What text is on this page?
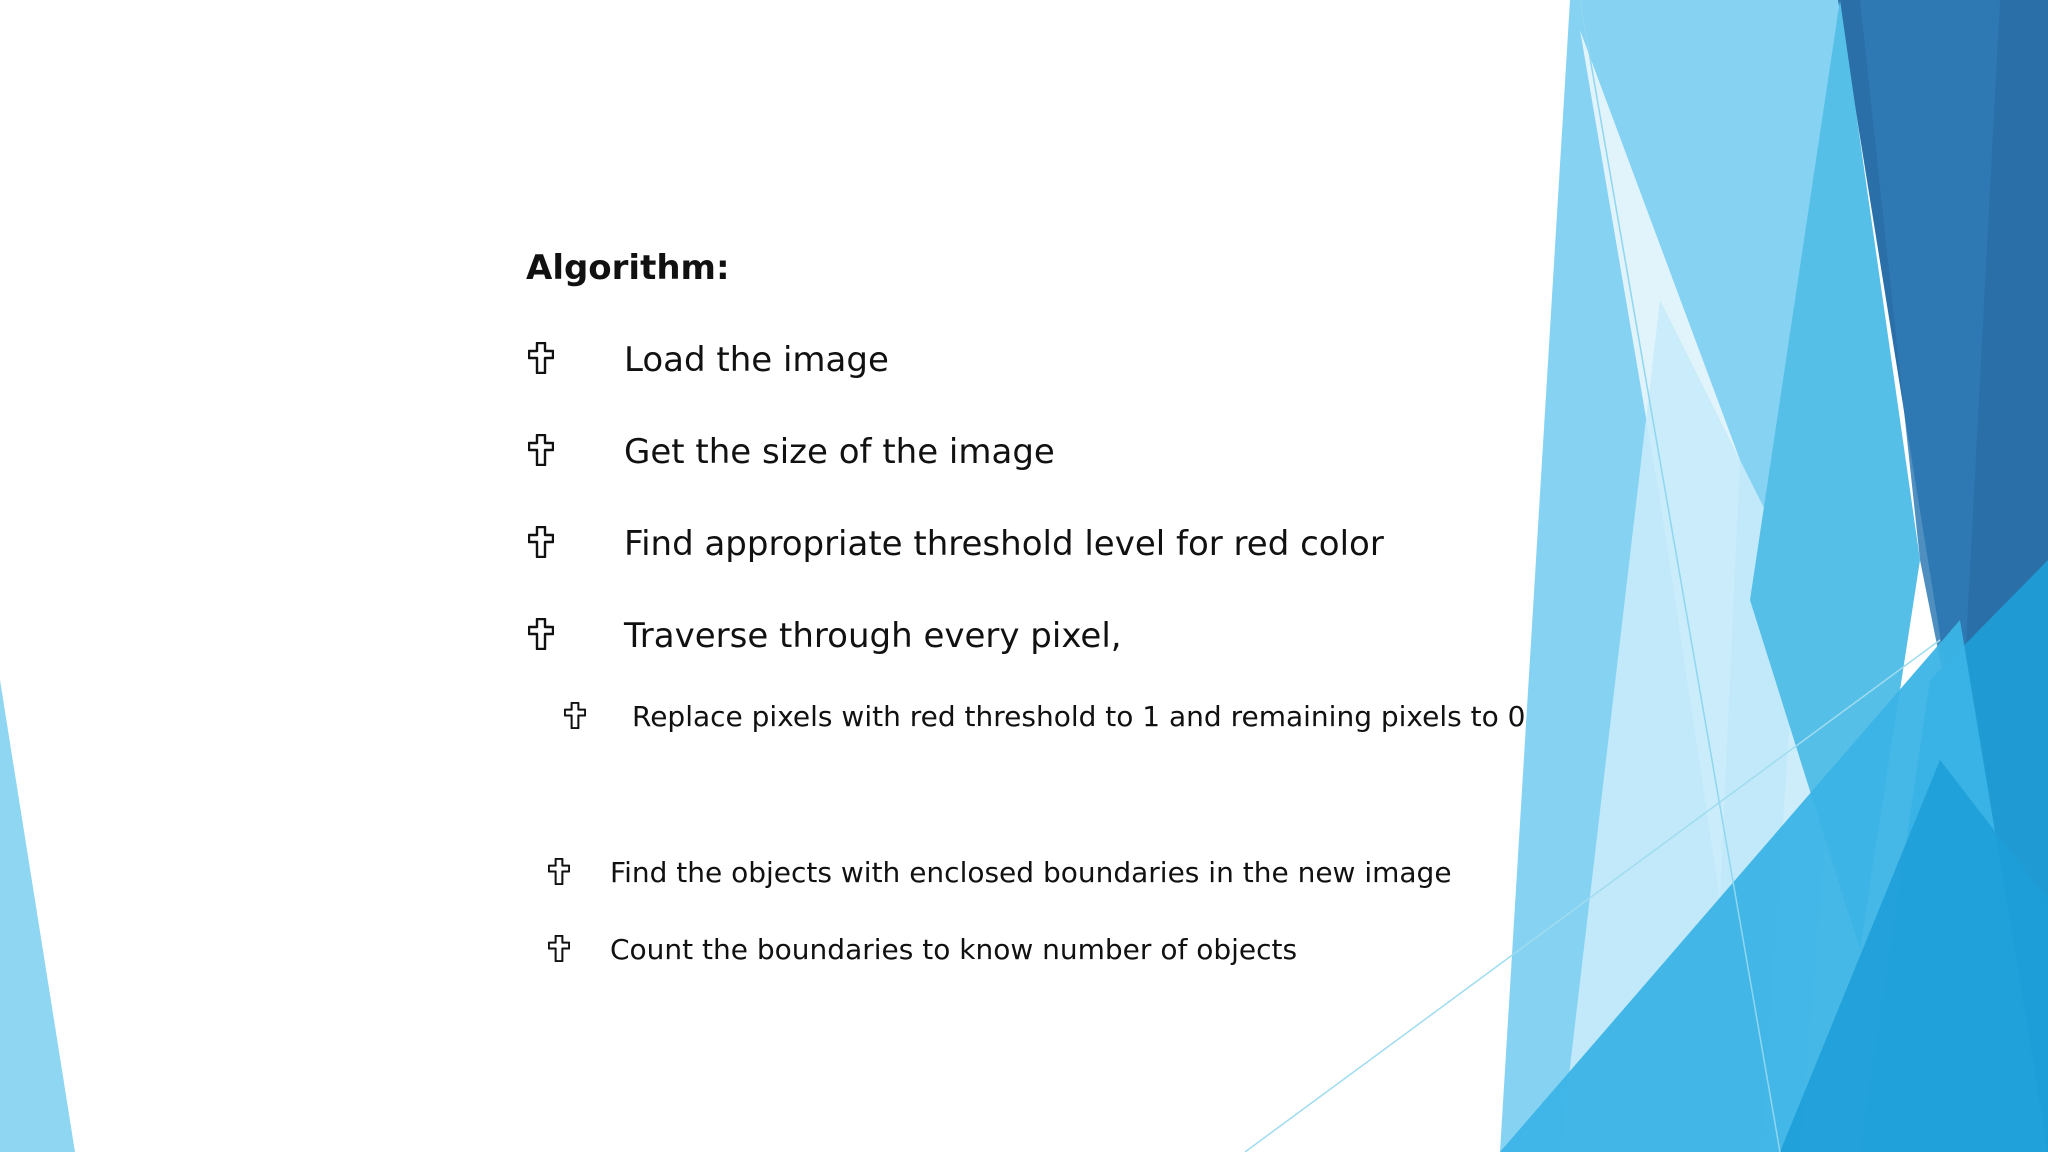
Algorithm:
Load the image
Get the size of the image
Find appropriate threshold level for red color
Traverse through every pixel,
Replace pixels with red threshold to 1 and remaining pixels to 0
Find the objects with enclosed boundaries in the new image
Count the boundaries to know number of objects
